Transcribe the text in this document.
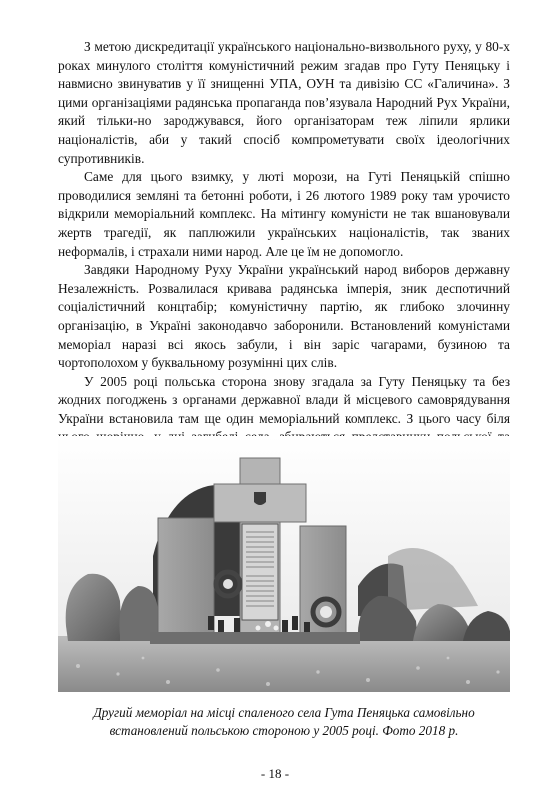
З метою дискредитації українського національно-визвольного руху, у 80-х роках минулого століття комуністичний режим згадав про Гуту Пеняцьку і навмисно звинуватив у її знищенні УПА, ОУН та дивізію СС «Галичина». З цими організаціями радянська пропаганда пов’язувала Народний Рух України, який тільки-но зароджувався, його організаторам теж ліпили ярлики націоналістів, аби у такий спосіб компрометувати своїх ідеологічних супротивників.

Саме для цього взимку, у люті морози, на Гуті Пеняцькій спішно проводилися земляні та бетонні роботи, і 26 лютого 1989 року там урочисто відкрили меморіальний комплекс. На мітингу комуністи не так вшановували жертв трагедії, як паплюжили українських націоналістів, так званих неформалів, і страхали ними народ. Але це їм не допомогло.

Завдяки Народному Руху України український народ виборов державну Незалежність. Розвалилася кривава радянська імперія, зник деспотичний соціалістичний концтабір; комуністичну партію, як глибоко злочинну організацію, в Україні законодавчо заборонили. Встановлений комуністами меморіал наразі всі якось забули, і він заріс чагарами, бузиною та чортополохом у буквальному розумінні цих слів.

У 2005 році польська сторона знову згадала за Гуту Пеняцьку та без жодних погоджень з органами державної влади й місцевого самоврядування України встановила там ще один меморіальний комплекс. З цього часу біля

Другий меморіал на місці спаленого села Гута Пеняцька самовільно встановлений польською стороною у 2005 році. Фото 2018 р.
- 18 -
